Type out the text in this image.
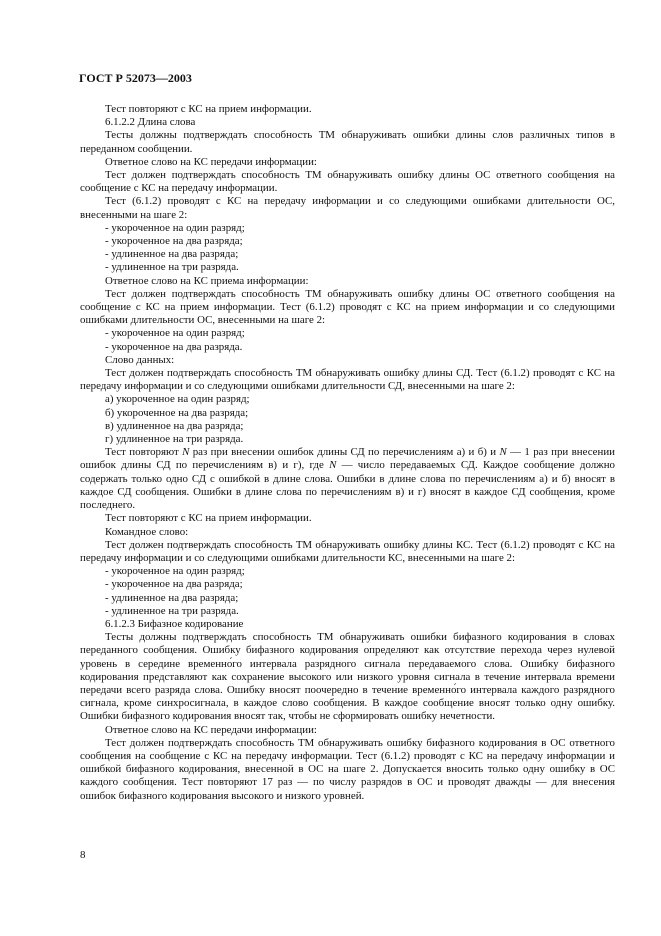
ГОСТ Р 52073—2003

Тест повторяют с КС на прием информации.

6.1.2.2 Длина слова

Тесты должны подтверждать способность ТМ обнаруживать ошибки длины слов различных типов в переданном сообщении.

Ответное слово на КС передачи информации:

Тест должен подтверждать способность ТМ обнаруживать ошибку длины ОС ответного сообщения на сообщение с КС на передачу информации.

Тест (6.1.2) проводят с КС на передачу информации и со следующими ошибками длительности ОС, внесенными на шаге 2:

- укороченное на один разряд;

- укороченное на два разряда;

- удлиненное на два разряда;

- удлиненное на три разряда.

Ответное слово на КС приема информации:

Тест должен подтверждать способность ТМ обнаруживать ошибку длины ОС ответного сообщения на сообщение с КС на прием информации. Тест (6.1.2) проводят с КС на прием информации и со следующими ошибками длительности ОС, внесенными на шаге 2:

- укороченное на один разряд;

- укороченное на два разряда.

Слово данных:

Тест должен подтверждать способность ТМ обнаруживать ошибку длины СД. Тест (6.1.2) проводят с КС на передачу информации и со следующими ошибками длительности СД, внесенными на шаге 2:

а) укороченное на один разряд;

б) укороченное на два разряда;

в) удлиненное на два разряда;

г) удлиненное на три разряда.

Тест повторяют N раз при внесении ошибок длины СД по перечислениям а) и б) и N — 1 раз при внесении ошибок длины СД по перечислениям в) и г), где N — число передаваемых СД. Каждое сообщение должно содержать только одно СД с ошибкой в длине слова. Ошибки в длине слова по перечислениям а) и б) вносят в каждое СД сообщения. Ошибки в длине слова по перечислениям в) и г) вносят в каждое СД сообщения, кроме последнего.

Тест повторяют с КС на прием информации.

Командное слово:

Тест должен подтверждать способность ТМ обнаруживать ошибку длины КС. Тест (6.1.2) проводят с КС на передачу информации и со следующими ошибками длительности КС, внесенными на шаге 2:

- укороченное на один разряд;

- укороченное на два разряда;

- удлиненное на два разряда;

- удлиненное на три разряда.

6.1.2.3 Бифазное кодирование

Тесты должны подтверждать способность ТМ обнаруживать ошибки бифазного кодирования в словах переданного сообщения. Ошибку бифазного кодирования определяют как отсутствие перехода через нулевой уровень в середине временно́го интервала разрядного сигнала передаваемого слова. Ошибку бифазного кодирования представляют как сохранение высокого или низкого уровня сигнала в течение интервала времени передачи всего разряда слова. Ошибку вносят поочередно в течение временно́го интервала каждого разрядного сигнала, кроме синхросигнала, в каждое слово сообщения. В каждое сообщение вносят только одну ошибку. Ошибки бифазного кодирования вносят так, чтобы не сформировать ошибку нечетности.

Ответное слово на КС передачи информации:

Тест должен подтверждать способность ТМ обнаруживать ошибку бифазного кодирования в ОС ответного сообщения на сообщение с КС на передачу информации. Тест (6.1.2) проводят с КС на передачу информации и ошибкой бифазного кодирования, внесенной в ОС на шаге 2. Допускается вносить только одну ошибку в ОС каждого сообщения. Тест повторяют 17 раз — по числу разрядов в ОС и проводят дважды — для внесения ошибок бифазного кодирования высокого и низкого уровней.

8
